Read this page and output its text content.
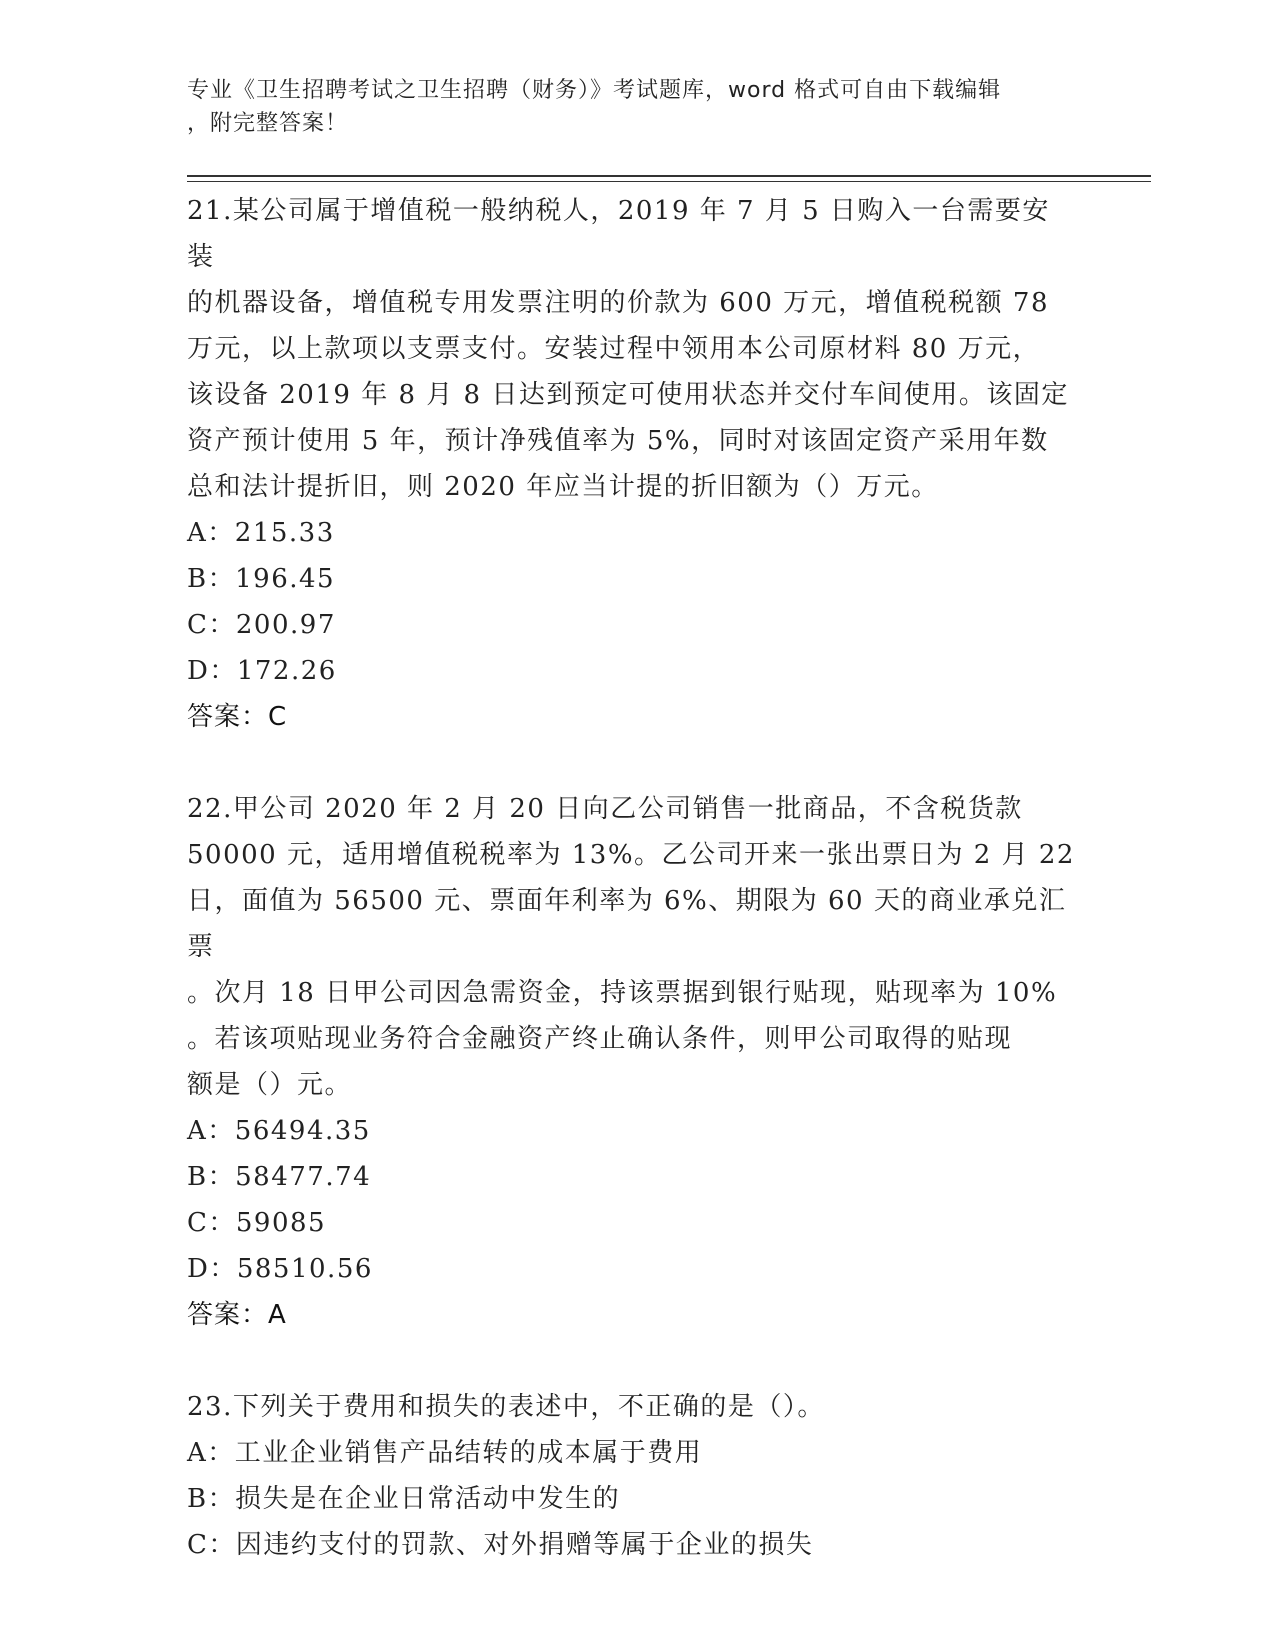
专业《卫生招聘考试之卫生招聘（财务）》考试题库，word 格式可自由下载编辑
，附完整答案！
21.某公司属于增值税一般纳税人，2019 年 7 月 5 日购入一台需要安装
的机器设备，增值税专用发票注明的价款为 600 万元，增值税税额 78
万元，以上款项以支票支付。安装过程中领用本公司原材料 80 万元，
该设备 2019 年 8 月 8 日达到预定可使用状态并交付车间使用。该固定
资产预计使用 5 年，预计净残值率为 5%，同时对该固定资产采用年数
总和法计提折旧，则 2020 年应当计提的折旧额为（）万元。
A：215.33
B：196.45
C：200.97
D：172.26
答案：C
22.甲公司 2020 年 2 月 20 日向乙公司销售一批商品，不含税货款
50000 元，适用增值税税率为 13%。乙公司开来一张出票日为 2 月 22
日，面值为 56500 元、票面年利率为 6%、期限为 60 天的商业承兑汇票
。次月 18 日甲公司因急需资金，持该票据到银行贴现，贴现率为 10%
。若该项贴现业务符合金融资产终止确认条件，则甲公司取得的贴现
额是（）元。
A：56494.35
B：58477.74
C：59085
D：58510.56
答案：A
23.下列关于费用和损失的表述中，不正确的是（）。
A：工业企业销售产品结转的成本属于费用
B：损失是在企业日常活动中发生的
C：因违约支付的罚款、对外捐赠等属于企业的损失
